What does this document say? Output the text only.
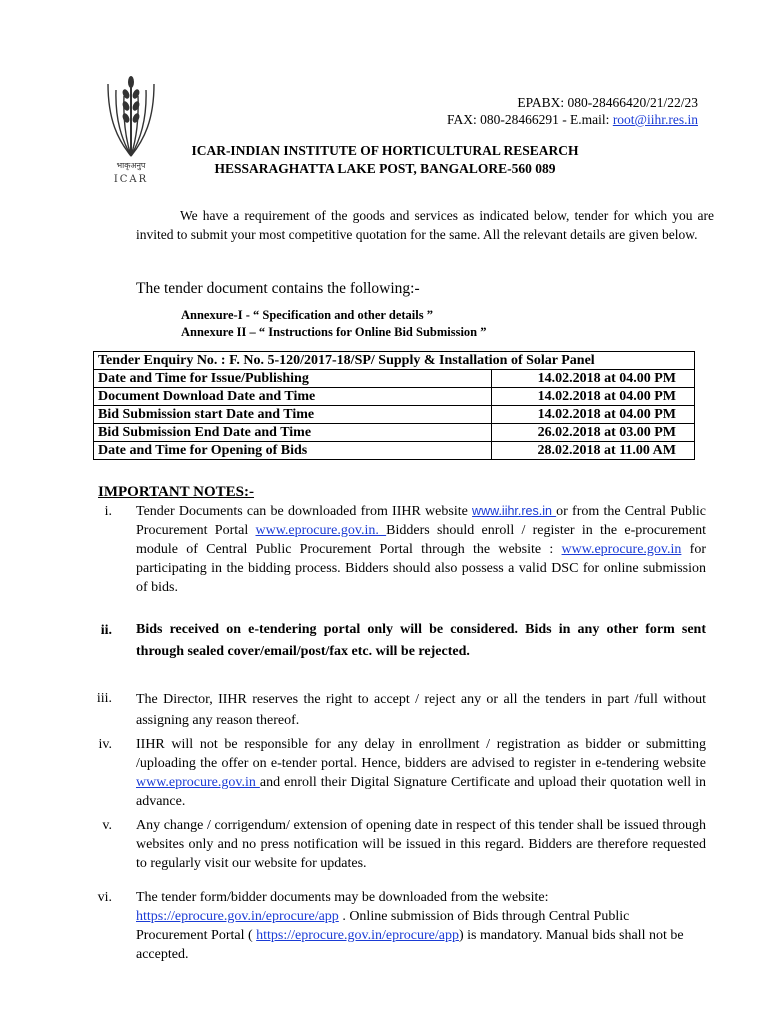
भाकृअनुप
ICAR
EPABX: 080-28466420/21/22/23
FAX: 080-28466291 - E.mail: root@iihr.res.in
ICAR-INDIAN INSTITUTE OF HORTICULTURAL RESEARCH
HESSARAGHATTA LAKE POST, BANGALORE-560 089
We have a requirement of the goods and services as indicated below, tender for which you are invited to submit your most competitive quotation for the same. All the relevant details are given below.
The tender document contains the following:-
Annexure-I - “ Specification and other details ”
Annexure II – “ Instructions for Online Bid Submission ”
Tender Enquiry No. : F. No. 5-120/2017-18/SP/ Supply & Installation of Solar Panel	
Date and Time for Issue/Publishing	14.02.2018 at 04.00 PM
Document Download Date and Time	14.02.2018 at 04.00 PM
Bid Submission start Date and Time	14.02.2018 at 04.00 PM
Bid Submission End Date and Time	26.02.2018 at 03.00 PM
Date and Time for Opening of Bids	28.02.2018 at 11.00 AM
IMPORTANT NOTES:-
i. Tender Documents can be downloaded from IIHR website www.iihr.res.in or from the Central Public Procurement Portal www.eprocure.gov.in. Bidders should enroll / register in the e-procurement module of Central Public Procurement Portal through the website : www.eprocure.gov.in for participating in the bidding process. Bidders should also possess a valid DSC for online submission of bids.
ii. Bids received on e-tendering portal only will be considered. Bids in any other form sent through sealed cover/email/post/fax etc. will be rejected.
iii. The Director, IIHR reserves the right to accept / reject any or all the tenders in part /full without assigning any reason thereof.
iv. IIHR will not be responsible for any delay in enrollment / registration as bidder or submitting /uploading the offer on e-tender portal. Hence, bidders are advised to register in e-tendering website www.eprocure.gov.in and enroll their Digital Signature Certificate and upload their quotation well in advance.
v. Any change / corrigendum/ extension of opening date in respect of this tender shall be issued through websites only and no press notification will be issued in this regard. Bidders are therefore requested to regularly visit our website for updates.
vi. The tender form/bidder documents may be downloaded from the website: https://eprocure.gov.in/eprocure/app . Online submission of Bids through Central Public Procurement Portal ( https://eprocure.gov.in/eprocure/app) is mandatory. Manual bids shall not be accepted.
